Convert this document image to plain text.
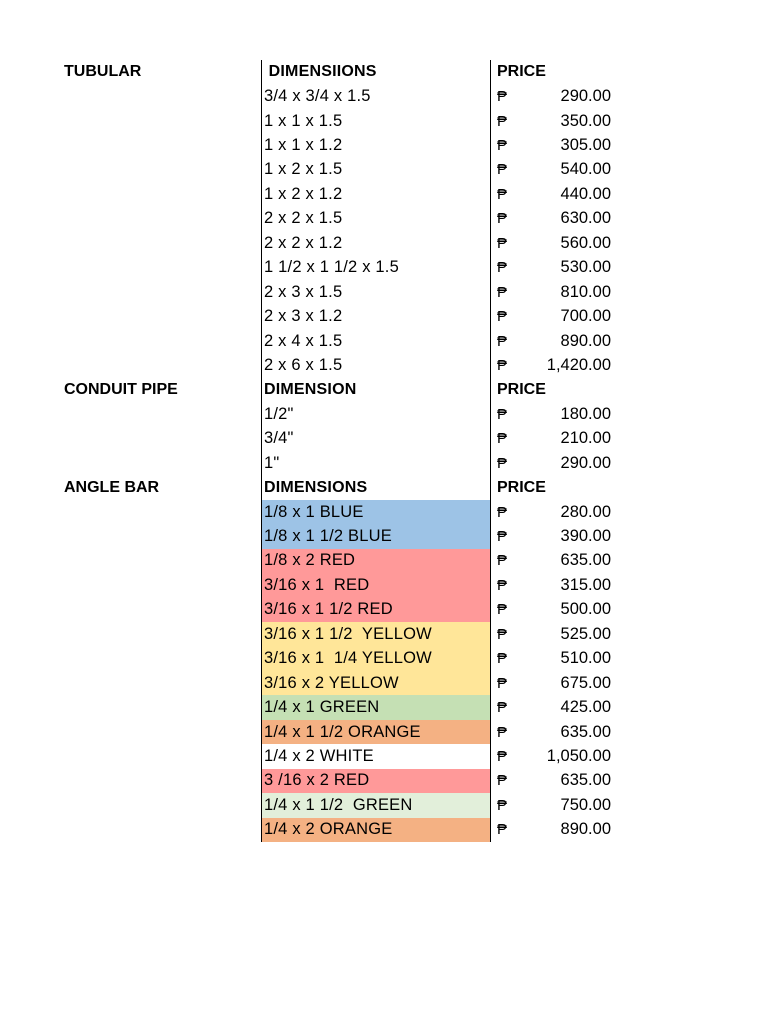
TUBULAR	DIMENSIIONS	PRICE
3/4 x 3/4 x 1.5	₱	290.00
1 x 1 x 1.5	₱	350.00
1 x 1 x 1.2	₱	305.00
1 x 2 x 1.5	₱	540.00
1 x 2 x 1.2	₱	440.00
2 x 2 x 1.5	₱	630.00
2 x 2 x 1.2	₱	560.00
1 1/2 x 1 1/2 x 1.5	₱	530.00
2 x 3 x 1.5	₱	810.00
2 x 3 x 1.2	₱	700.00
2 x 4 x 1.5	₱	890.00
2 x 6 x 1.5	₱	1,420.00
CONDUIT PIPE	DIMENSION	PRICE
1/2"	₱	180.00
3/4"	₱	210.00
1"	₱	290.00
ANGLE BAR	DIMENSIONS	PRICE
1/8 x 1 BLUE	₱	280.00
1/8 x 1 1/2 BLUE	₱	390.00
1/8 x 2 RED	₱	635.00
3/16 x 1  RED	₱	315.00
3/16 x 1 1/2 RED	₱	500.00
3/16 x 1 1/2  YELLOW	₱	525.00
3/16 x 1  1/4 YELLOW	₱	510.00
3/16 x 2 YELLOW	₱	675.00
1/4 x 1 GREEN	₱	425.00
1/4 x 1 1/2 ORANGE	₱	635.00
1/4 x 2 WHITE	₱	1,050.00
3 /16 x 2 RED	₱	635.00
1/4 x 1 1/2  GREEN	₱	750.00
1/4 x 2 ORANGE	₱	890.00
